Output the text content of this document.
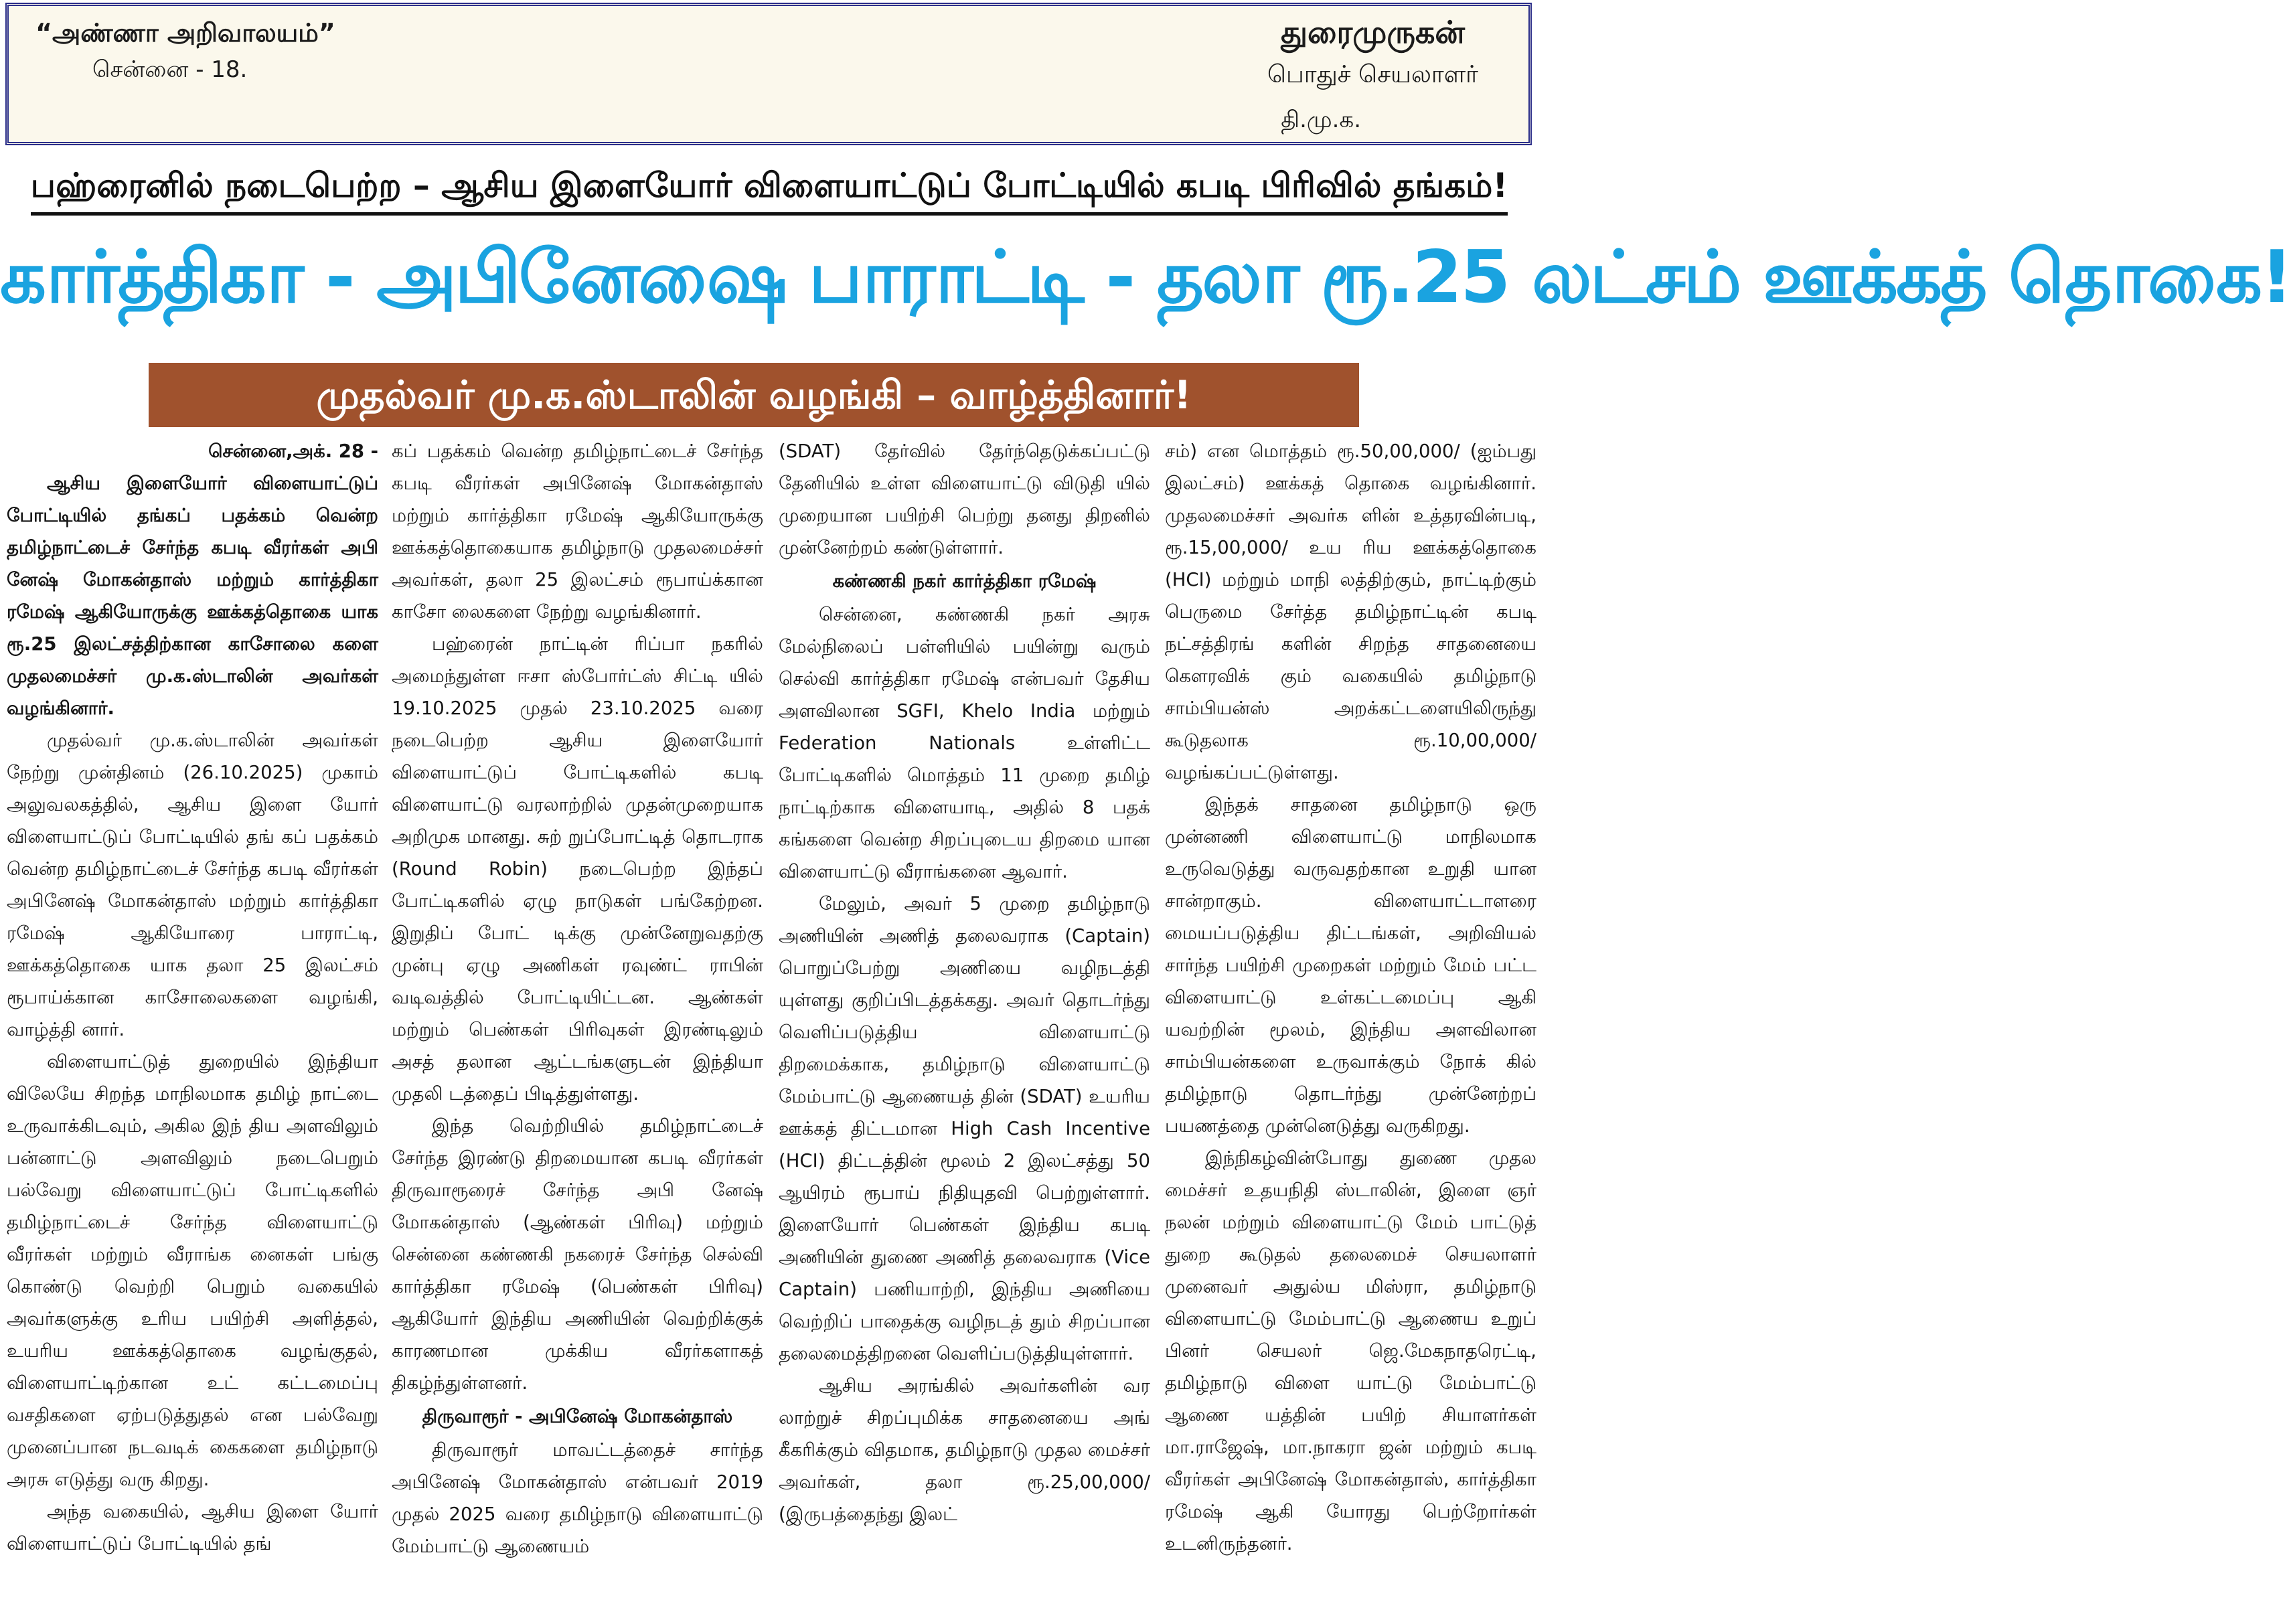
“அண்ணா அறிவாலயம்”
சென்னை - 18.
துரைமுருகன்
பொதுச் செயலாளர்
தி.மு.க.
பஹ்ரைனில் நடைபெற்ற – ஆசிய இளையோர் விளையாட்டுப் போட்டியில் கபடி பிரிவில் தங்கம்!
கார்த்திகா - அபினேஷை பாராட்டி - தலா ரூ.25 லட்சம் ஊக்கத் தொகை!
முதல்வர் மு.க.ஸ்டாலின் வழங்கி – வாழ்த்தினார்!

சென்னை,அக். 28 -

ஆசிய இளையோர் விளையாட்டுப் போட்டியில் தங்கப் பதக்கம் வென்ற தமிழ்நாட்டைச் சேர்ந்த கபடி வீரர்கள் அபி னேஷ் மோகன்தாஸ் மற்றும் கார்த்திகா ரமேஷ் ஆகியோருக்கு ஊக்கத்தொகை யாக ரூ.25 இலட்சத்திற்கான காசோலை களை முதலமைச்சர் மு.க.ஸ்டாலின் அவர்கள் வழங்கினார்.

முதல்வர் மு.க.ஸ்டாலின் அவர்கள் நேற்று முன்தினம் (26.10.2025) முகாம் அலுவலகத்தில், ஆசிய இளை யோர் விளையாட்டுப் போட்டியில் தங் கப் பதக்கம் வென்ற தமிழ்நாட்டைச் சேர்ந்த கபடி வீரர்கள் அபினேஷ் மோகன்தாஸ் மற்றும் கார்த்திகா ரமேஷ் ஆகியோரை பாராட்டி, ஊக்கத்தொகை யாக தலா 25 இலட்சம் ரூபாய்க்கான காசோலைகளை வழங்கி, வாழ்த்தி னார்.

விளையாட்டுத் துறையில் இந்தியா விலேயே சிறந்த மாநிலமாக தமிழ் நாட்டை உருவாக்கிடவும், அகில இந் திய அளவிலும் பன்னாட்டு அளவிலும் நடைபெறும் பல்வேறு விளையாட்டுப் போட்டிகளில் தமிழ்நாட்டைச் சேர்ந்த விளையாட்டு வீரர்கள் மற்றும் வீராங்க னைகள் பங்கு கொண்டு வெற்றி பெறும் வகையில் அவர்களுக்கு உரிய பயிற்சி அளித்தல், உயரிய ஊக்கத்தொகை வழங்குதல், விளையாட்டிற்கான உட் கட்டமைப்பு வசதிகளை ஏற்படுத்துதல் என பல்வேறு முனைப்பான நடவடிக் கைகளை தமிழ்நாடு அரசு எடுத்து வரு கிறது.

அந்த வகையில், ஆசிய இளை யோர் விளையாட்டுப் போட்டியில் தங்

கப் பதக்கம் வென்ற தமிழ்நாட்டைச் சேர்ந்த கபடி வீரர்கள் அபினேஷ் மோகன்தாஸ் மற்றும் கார்த்திகா ரமேஷ் ஆகியோருக்கு ஊக்கத்தொகையாக தமிழ்நாடு முதலமைச்சர் அவர்கள், தலா 25 இலட்சம் ரூபாய்க்கான காசோ லைகளை நேற்று வழங்கினார்.

பஹ்ரைன் நாட்டின் ரிப்பா நகரில் அமைந்துள்ள ஈசா ஸ்போர்ட்ஸ் சிட்டி யில் 19.10.2025 முதல் 23.10.2025 வரை நடைபெற்ற ஆசிய இளையோர் விளையாட்டுப் போட்டிகளில் கபடி விளையாட்டு வரலாற்றில் முதன்முறையாக அறிமுக மானது. சுற் றுப்போட்டித் தொடராக (Round Robin) நடைபெற்ற இந்தப் போட்டிகளில் ஏழு நாடுகள் பங்கேற்றன. இறுதிப் போட் டிக்கு முன்னேறுவதற்கு முன்பு ஏழு அணிகள் ரவுண்ட் ராபின் வடிவத்தில் போட்டியிட்டன. ஆண்கள் மற்றும் பெண்கள் பிரிவுகள் இரண்டிலும் அசத் தலான ஆட்டங்களுடன் இந்தியா முதலி டத்தைப் பிடித்துள்ளது.

இந்த வெற்றியில் தமிழ்நாட்டைச் சேர்ந்த இரண்டு திறமையான கபடி வீரர்கள் திருவாரூரைச் சேர்ந்த அபி னேஷ் மோகன்தாஸ் (ஆண்கள் பிரிவு) மற்றும் சென்னை கண்ணகி நகரைச் சேர்ந்த செல்வி கார்த்திகா ரமேஷ் (பெண்கள் பிரிவு) ஆகியோர் இந்திய அணியின் வெற்றிக்குக் காரணமான முக்கிய வீரர்களாகத் திகழ்ந்துள்ளனர்.

திருவாரூர் - அபினேஷ் மோகன்தாஸ்

திருவாரூர் மாவட்டத்தைச் சார்ந்த அபினேஷ் மோகன்தாஸ் என்பவர் 2019 முதல் 2025 வரை தமிழ்நாடு விளையாட்டு மேம்பாட்டு ஆணையம்

(SDAT) தேர்வில் தேர்ந்தெடுக்கப்பட்டு தேனியில் உள்ள விளையாட்டு விடுதி யில் முறையான பயிற்சி பெற்று தனது திறனில் முன்னேற்றம் கண்டுள்ளார்.

கண்ணகி நகர் கார்த்திகா ரமேஷ்

சென்னை, கண்ணகி நகர் அரசு மேல்நிலைப் பள்ளியில் பயின்று வரும் செல்வி கார்த்திகா ரமேஷ் என்பவர் தேசிய அளவிலான SGFI, Khelo India மற்றும் Federation Nationals உள்ளிட்ட போட்டிகளில் மொத்தம் 11 முறை தமிழ் நாட்டிற்காக விளையாடி, அதில் 8 பதக் கங்களை வென்ற சிறப்புடைய திறமை யான விளையாட்டு வீராங்கனை ஆவார்.

மேலும், அவர் 5 முறை தமிழ்நாடு அணியின் அணித் தலைவராக (Captain) பொறுப்பேற்று அணியை வழிநடத்தி யுள்ளது குறிப்பிடத்தக்கது. அவர் தொடர்ந்து வெளிப்படுத்திய விளையாட்டு திறமைக்காக, தமிழ்நாடு விளையாட்டு மேம்பாட்டு ஆணையத் தின் (SDAT) உயரிய ஊக்கத் திட்டமான High Cash Incentive (HCI) திட்டத்தின் மூலம் 2 இலட்சத்து 50 ஆயிரம் ரூபாய் நிதியுதவி பெற்றுள்ளார். இளையோர் பெண்கள் இந்திய கபடி அணியின் துணை அணித் தலைவராக (Vice Captain) பணியாற்றி, இந்திய அணியை வெற்றிப் பாதைக்கு வழிநடத் தும் சிறப்பான தலைமைத்திறனை வெளிப்படுத்தியுள்ளார்.

ஆசிய அரங்கில் அவர்களின் வர லாற்றுச் சிறப்புமிக்க சாதனையை அங் கீகரிக்கும் விதமாக, தமிழ்நாடு முதல மைச்சர் அவர்கள், தலா ரூ.25,00,000/ (இருபத்தைந்து இலட்

சம்) என மொத்தம் ரூ.50,00,000/ (ஐம்பது இலட்சம்) ஊக்கத் தொகை வழங்கினார். முதலமைச்சர் அவர்க ளின் உத்தரவின்படி, ரூ.15,00,000/ உய ரிய ஊக்கத்தொகை (HCI) மற்றும் மாநி லத்திற்கும், நாட்டிற்கும் பெருமை சேர்த்த தமிழ்நாட்டின் கபடி நட்சத்திரங் களின் சிறந்த சாதனையை கௌரவிக் கும் வகையில் தமிழ்நாடு சாம்பியன்ஸ் அறக்கட்டளையிலிருந்து கூடுதலாக ரூ.10,00,000/ வழங்கப்பட்டுள்ளது.

இந்தக் சாதனை தமிழ்நாடு ஒரு முன்னணி விளையாட்டு மாநிலமாக உருவெடுத்து வருவதற்கான உறுதி யான சான்றாகும். விளையாட்டாளரை மையப்படுத்திய திட்டங்கள், அறிவியல் சார்ந்த பயிற்சி முறைகள் மற்றும் மேம் பட்ட விளையாட்டு உள்கட்டமைப்பு ஆகி யவற்றின் மூலம், இந்திய அளவிலான சாம்பியன்களை உருவாக்கும் நோக் கில் தமிழ்நாடு தொடர்ந்து முன்னேற்றப் பயணத்தை முன்னெடுத்து வருகிறது.

இந்நிகழ்வின்போது துணை முதல மைச்சர் உதயநிதி ஸ்டாலின், இளை ஞர் நலன் மற்றும் விளையாட்டு மேம் பாட்டுத் துறை கூடுதல் தலைமைச் செயலாளர் முனைவர் அதுல்ய மிஸ்ரா, தமிழ்நாடு விளையாட்டு மேம்பாட்டு ஆணைய உறுப் பினர் செயலர் ஜெ.மேகநாதரெட்டி, தமிழ்நாடு விளை யாட்டு மேம்பாட்டு ஆணை யத்தின் பயிற் சியாளர்கள் மா.ராஜேஷ், மா.நாகரா ஜன் மற்றும் கபடி வீரர்கள் அபினேஷ் மோகன்தாஸ், கார்த்திகா ரமேஷ் ஆகி யோரது பெற்றோர்கள் உடனிருந்தனர்.
